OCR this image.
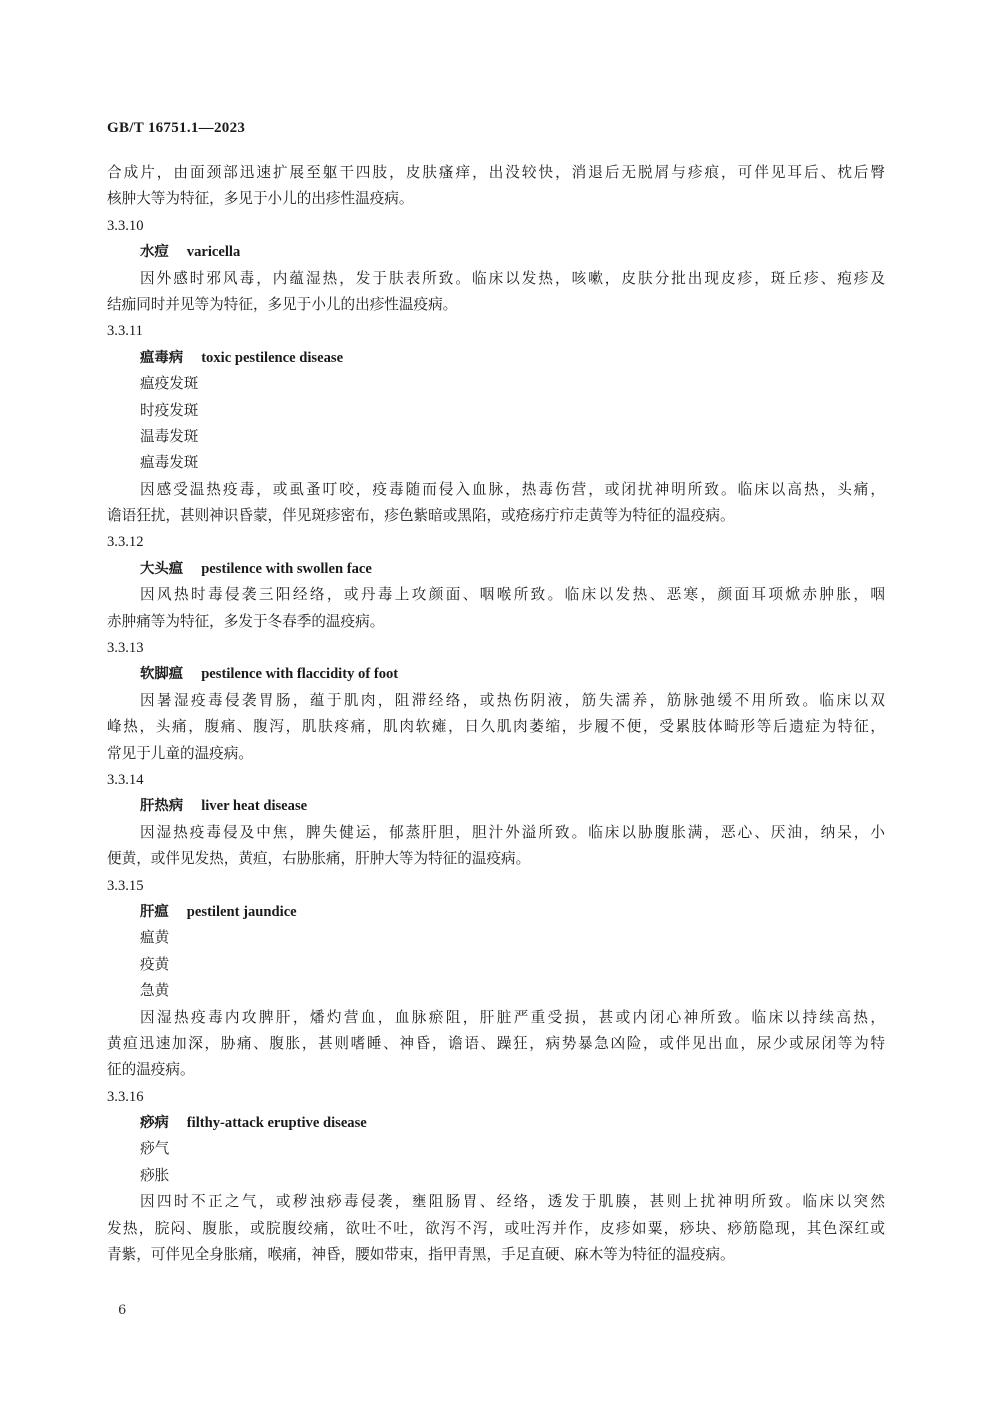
GB/T 16751.1—2023
合成片，由面颈部迅速扩展至躯干四肢，皮肤瘙痒，出没较快，消退后无脱屑与疹痕，可伴见耳后、枕后臀
核肿大等为特征，多见于小儿的出疹性温疫病。
3.3.10
水痘 varicella
因外感时邪风毒，内蕴湿热，发于肤表所致。临床以发热，咳嗽，皮肤分批出现皮疹，斑丘疹、疱疹及
结痂同时并见等为特征，多见于小儿的出疹性温疫病。
3.3.11
瘟毒病 toxic pestilence disease
瘟疫发斑
时疫发斑
温毒发斑
瘟毒发斑
因感受温热疫毒，或虱蚤叮咬，疫毒随而侵入血脉，热毒伤营，或闭扰神明所致。临床以高热，头痛，
谵语狂扰，甚则神识昏蒙，伴见斑疹密布，疹色紫暗或黑陷，或疮疡疔疖走黄等为特征的温疫病。
3.3.12
大头瘟 pestilence with swollen face
因风热时毒侵袭三阳经络，或丹毒上攻颜面、咽喉所致。临床以发热、恶寒，颜面耳项焮赤肿胀，咽
赤肿痛等为特征，多发于冬春季的温疫病。
3.3.13
软脚瘟 pestilence with flaccidity of foot
因暑湿疫毒侵袭胃肠，蕴于肌肉，阻滞经络，或热伤阴液，筋失濡养，筋脉弛缓不用所致。临床以双
峰热，头痛，腹痛、腹泻，肌肤疼痛，肌肉软瘫，日久肌肉萎缩，步履不便，受累肢体畸形等后遗症为特征，
常见于儿童的温疫病。
3.3.14
肝热病 liver heat disease
因湿热疫毒侵及中焦，脾失健运，郁蒸肝胆，胆汁外溢所致。临床以胁腹胀满，恶心、厌油，纳呆，小
便黄，或伴见发热，黄疸，右胁胀痛，肝肿大等为特征的温疫病。
3.3.15
肝瘟 pestilent jaundice
瘟黄
疫黄
急黄
因湿热疫毒内攻脾肝，燔灼营血，血脉瘀阻，肝脏严重受损，甚或内闭心神所致。临床以持续高热，
黄疸迅速加深，胁痛、腹胀，甚则嗜睡、神昏，谵语、躁狂，病势暴急凶险，或伴见出血，尿少或尿闭等为特
征的温疫病。
3.3.16
痧病 filthy-attack eruptive disease
痧气
痧胀
因四时不正之气，或秽浊痧毒侵袭，壅阻肠胃、经络，透发于肌腠，甚则上扰神明所致。临床以突然
发热，脘闷、腹胀，或脘腹绞痛，欲吐不吐，欲泻不泻，或吐泻并作，皮疹如粟，痧块、痧筋隐现，其色深红或
青紫，可伴见全身胀痛，喉痛，神昏，腰如带束，指甲青黑，手足直硬、麻木等为特征的温疫病。
6
